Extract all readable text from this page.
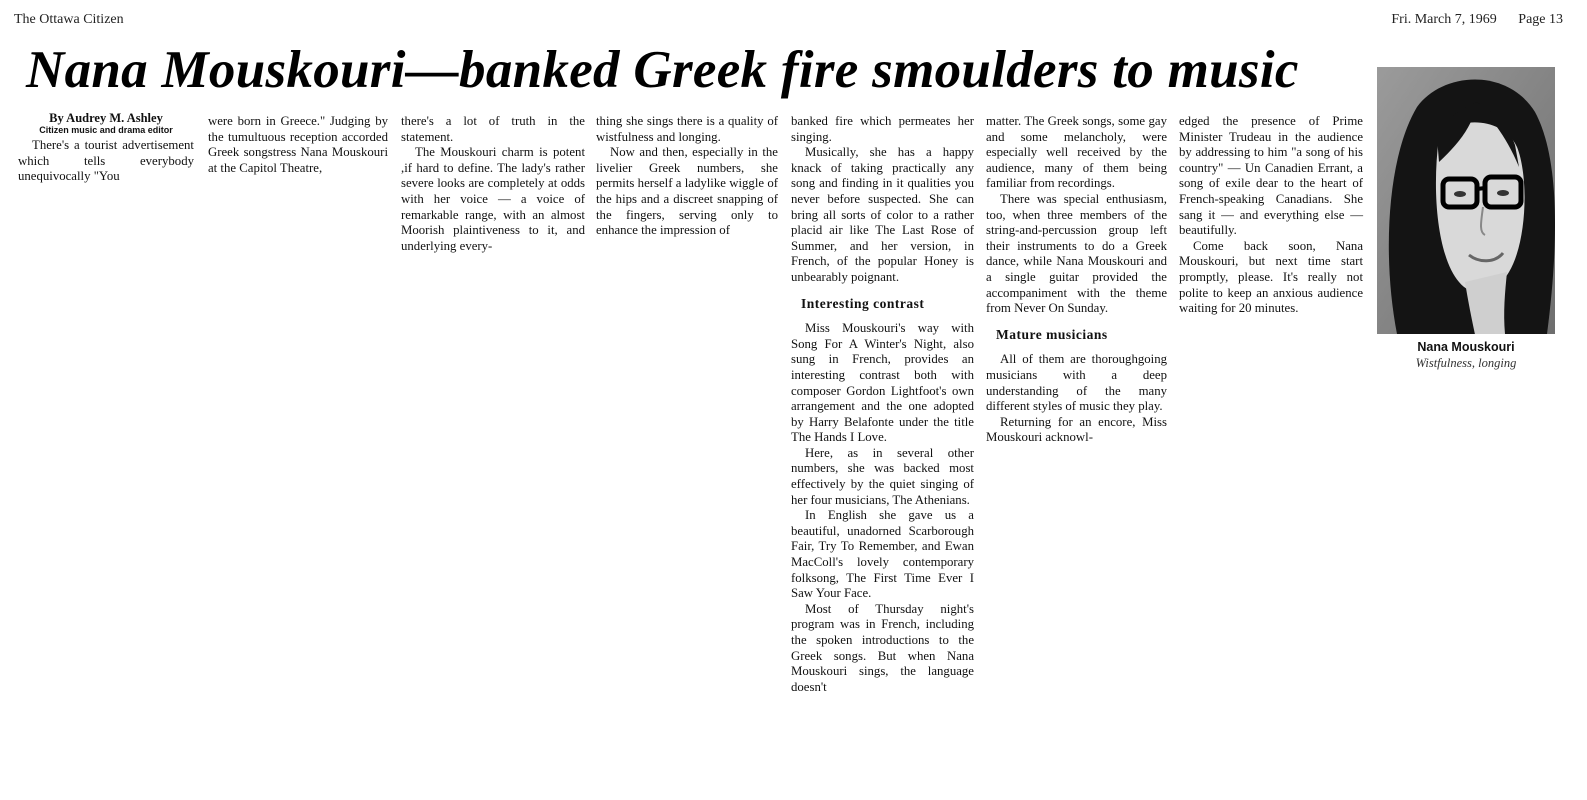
The Ottawa Citizen	Fri. March 7, 1969 Page 13
Nana Mouskouri—banked Greek fire smoulders to music
By Audrey M. Ashley
Citizen music and drama editor

There's a tourist advertisement which tells everybody unequivocally "You

were born in Greece." Judging by the tumultuous reception accorded Greek songstress Nana Mouskouri at the Capitol Theatre,

there's a lot of truth in the statement.

The Mouskouri charm is potent ,if hard to define. The lady's rather severe looks are completely at odds with her voice — a voice of remarkable range, with an almost Moorish plaintiveness to it, and underlying every-

thing she sings there is a quality of wistfulness and longing.

Now and then, especially in the livelier Greek numbers, she permits herself a ladylike wiggle of the hips and a discreet snapping of the fingers, serving only to enhance the impression of

banked fire which permeates her singing.

Musically, she has a happy knack of taking practically any song and finding in it qualities you never before suspected. She can bring all sorts of color to a rather placid air like The Last Rose of Summer, and her version, in French, of the popular Honey is unbearably poignant.

Interesting contrast

Miss Mouskouri's way with Song For A Winter's Night, also sung in French, provides an interesting contrast both with composer Gordon Lightfoot's own arrangement and the one adopted by Harry Belafonte under the title The Hands I Love.

Here, as in several other numbers, she was backed most effectively by the quiet singing of her four musicians, The Athenians.

In English she gave us a beautiful, unadorned Scarborough Fair, Try To Remember, and Ewan MacColl's lovely contemporary folksong, The First Time Ever I Saw Your Face.

Most of Thursday night's program was in French, including the spoken introductions to the Greek songs. But when Nana Mouskouri sings, the language doesn't

matter. The Greek songs, some gay and some melancholy, were especially well received by the audience, many of them being familiar from recordings.

There was special enthusiasm, too, when three members of the string-and-percussion group left their instruments to do a Greek dance, while Nana Mouskouri and a single guitar provided the accompaniment with the theme from Never On Sunday.

Mature musicians

All of them are thoroughgoing musicians with a deep understanding of the many different styles of music they play.

Returning for an encore, Miss Mouskouri acknowl-

edged the presence of Prime Minister Trudeau in the audience by addressing to him "a song of his country" — Un Canadien Errant, a song of exile dear to the heart of French-speaking Canadians. She sang it — and everything else — beautifully.

Come back soon, Nana Mouskouri, but next time start promptly, please. It's really not polite to keep an anxious audience waiting for 20 minutes.

Nana Mouskouri
Wistfulness, longing
